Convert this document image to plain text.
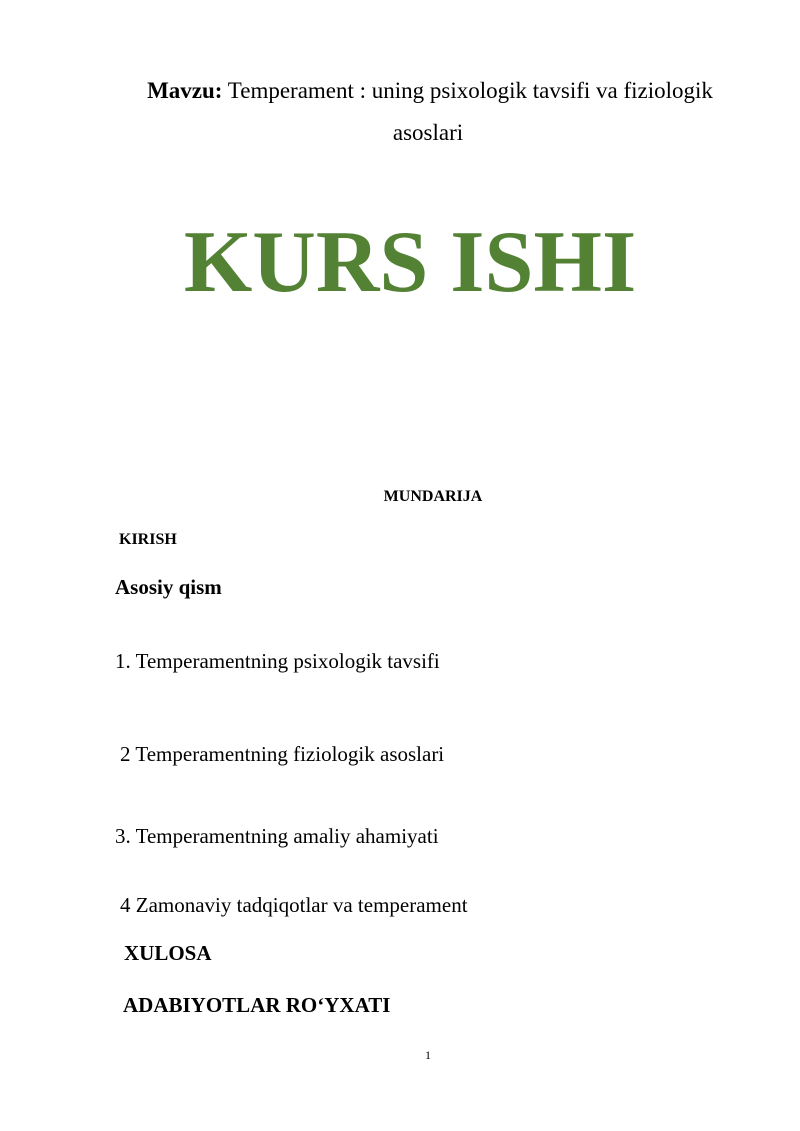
Mavzu: Temperament : uning psixologik tavsifi va fiziologik
asoslari
KURS ISHI
MUNDARIJA
KIRISH
Asosiy qism
1. Temperamentning psixologik tavsifi
2 Temperamentning fiziologik asoslari
3. Temperamentning amaliy ahamiyati
4 Zamonaviy tadqiqotlar va temperament
XULOSA
ADABIYOTLAR RO‘YXATI
1
